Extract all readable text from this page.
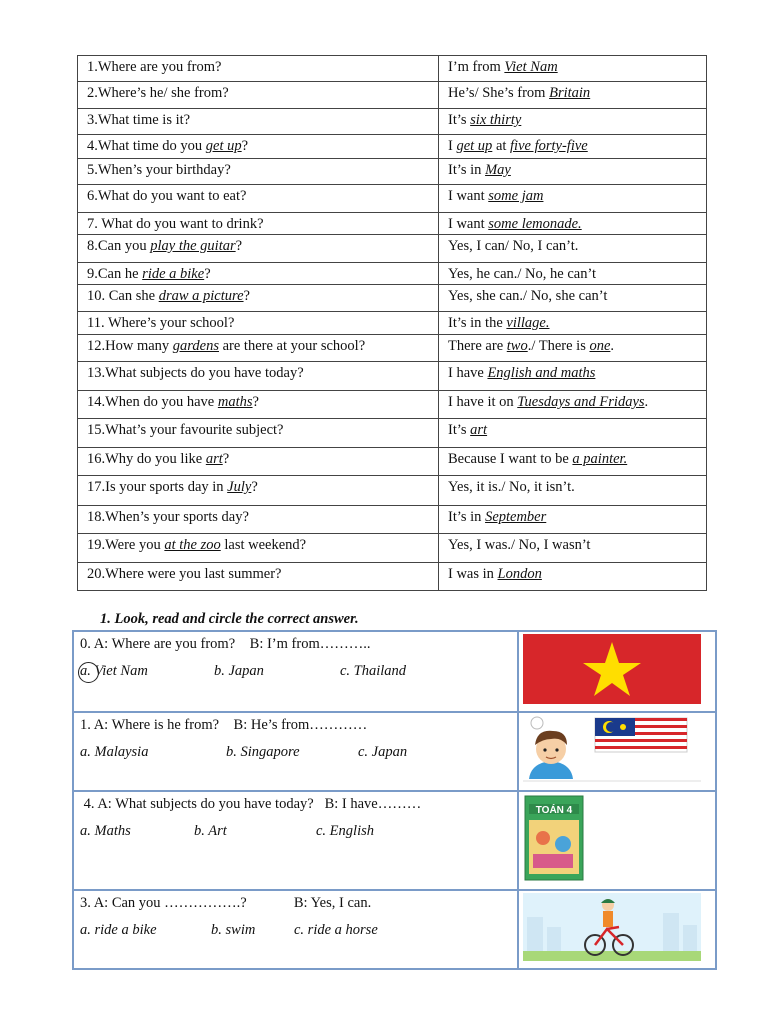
1.Where are you from?	I’m from Viet Nam
2.Where’s he/ she from?	He’s/ She’s from Britain
3.What time is it?	It’s six thirty
4.What time do you get up?	I get up at five forty-five
5.When’s your birthday?	It’s in May
6.What do you want to eat?	I want some jam
7. What do you want to drink?	I want some lemonade.
8.Can you play the guitar?	Yes, I can/ No, I can’t.
9.Can he ride a bike?	Yes, he can./ No, he can’t
10. Can she draw a picture?	Yes, she can./ No, she can’t
11. Where’s your school?	It’s in the village.
12.How many gardens are there at your school?	There are two./ There is one.
13.What subjects do you have today?	I have English and maths
14.When do you have maths?	I have it on Tuesdays and Fridays.
15.What’s your favourite subject?	It’s art
16.Why do you like art?	Because I want to be a painter.
17.Is your sports day in July?	Yes, it is./ No, it isn’t.
18.When’s your sports day?	It’s in September
19.Were you at the zoo last weekend?	Yes, I was./ No, I wasn’t
20.Where were you last summer?	I was in London
1. Look, read and circle the correct answer.
0. A: Where are you from?    B: I’m from………..
a. Viet Nam b. Japan c. Thailand

1. A: Where is he from?    B: He’s from…………
a. Malaysia b. Singapore c. Japan

4. A: What subjects do you have today?   B: I have………
a. Maths b. Art c. English	TOÁN 4

3. A: Can you …………….?             B: Yes, I can.
a. ride a bike b. swim c. ride a horse
